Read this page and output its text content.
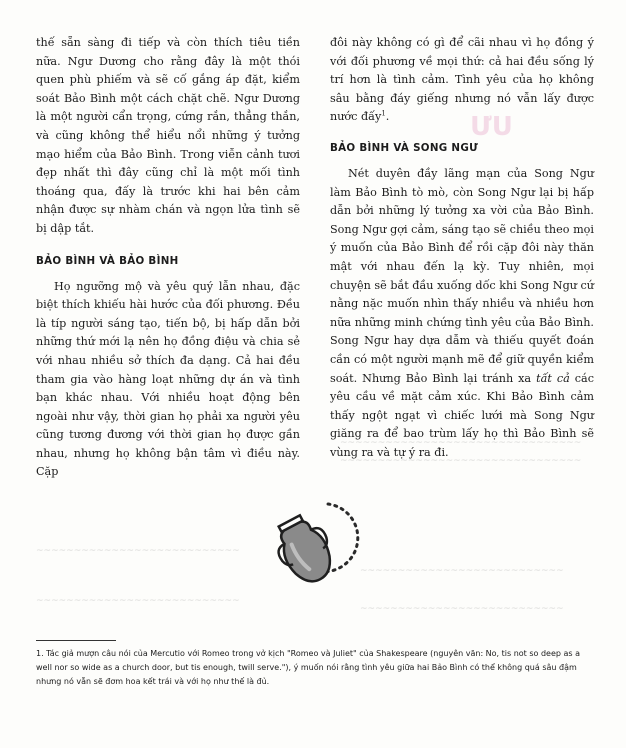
ƯU
~~~~~~~~~~~~~~~~~~~~~~~~~~~~~~~~
~~~~~~~~~~~~~~~~~~~~~~~~~~~~~~~~
~~~~~~~~~~~~~~~~~~~~~~~~~~~
~~~~~~~~~~~~~~~~~~~~~~~~~~~
~~~~~~~~~~~~~~~~~~~~~~~~~~~
~~~~~~~~~~~~~~~~~~~~~~~~~~~

thế sẵn sàng đi tiếp và còn thích tiêu tiền nữa. Ngư Dương cho rằng đây là một thói quen phù phiếm và sẽ cố gắng áp đặt, kiểm soát Bảo Bình một cách chặt chẽ. Ngư Dương là một người cẩn trọng, cứng rắn, thẳng thắn, và cũng không thể hiểu nổi những ý tưởng mạo hiểm của Bảo Bình. Trong viễn cảnh tươi đẹp nhất thì đây cũng chỉ là một mối tình thoáng qua, đấy là trước khi hai bên cảm nhận được sự nhàm chán và ngọn lửa tình sẽ bị dập tắt.

BẢO BÌNH VÀ BẢO BÌNH

Họ ngưỡng mộ và yêu quý lẫn nhau, đặc biệt thích khiếu hài hước của đối phương. Đều là típ người sáng tạo, tiến bộ, bị hấp dẫn bởi những thứ mới lạ nên họ đồng điệu và chia sẻ với nhau nhiều sở thích đa dạng. Cả hai đều tham gia vào hàng loạt những dự án và tình bạn khác nhau. Với nhiều hoạt động bên ngoài như vậy, thời gian họ phải xa người yêu cũng tương đương với thời gian họ được gần nhau, nhưng họ không bận tâm vì điều này. Cặp

đôi này không có gì để cãi nhau vì họ đồng ý với đối phương về mọi thứ: cả hai đều sống lý trí hơn là tình cảm. Tình yêu của họ không sâu bằng đáy giếng nhưng nó vẫn lấy được nước đấy$^1$.

BẢO BÌNH VÀ SONG NGƯ

Nét duyên đầy lãng mạn của Song Ngư làm Bảo Bình tò mò, còn Song Ngư lại bị hấp dẫn bởi những lý tưởng xa vời của Bảo Bình. Song Ngư gợi cảm, sáng tạo sẽ chiều theo mọi ý muốn của Bảo Bình để rồi cặp đôi này thăn mật với nhau đến lạ kỳ. Tuy nhiên, mọi chuyện sẽ bắt đầu xuống dốc khi Song Ngư cứ nằng nặc muốn nhìn thấy nhiều và nhiều hơn nữa những minh chứng tình yêu của Bảo Bình. Song Ngư hay dựa dẫm và thiếu quyết đoán cần có một người mạnh mẽ để giữ quyền kiểm soát. Nhưng Bảo Bình lại tránh xa tất cả các yêu cầu về mặt cảm xúc. Khi Bảo Bình cảm thấy ngột ngạt vì chiếc lưới mà Song Ngư giăng ra để bao trùm lấy họ thì Bảo Bình sẽ vùng ra và tự ý ra đi.

1. Tác giả mượn câu nói của Mercutio với Romeo trong vở kịch "Romeo và Juliet" của Shakespeare (nguyên văn: No, tis not so deep as a well nor so wide as a church door, but tis enough, twill serve."), ý muốn nói rằng tình yêu giữa hai Bảo Bình có thể không quá sâu đậm nhưng nó vẫn sẽ đơm hoa kết trái và với họ như thế là đủ.
